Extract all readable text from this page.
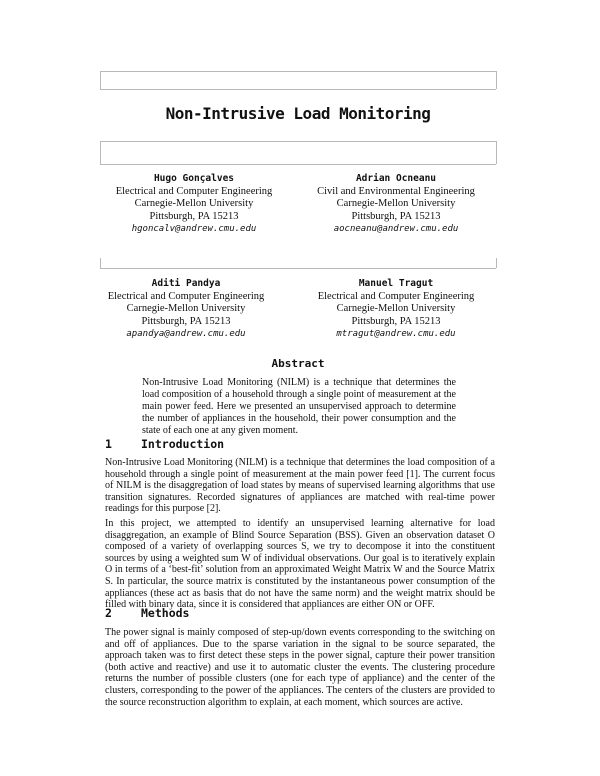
Non-Intrusive Load Monitoring
Hugo Gonçalves
Electrical and Computer Engineering
Carnegie-Mellon University
Pittsburgh, PA 15213
hgoncalv@andrew.cmu.edu
Adrian Ocneanu
Civil and Environmental Engineering
Carnegie-Mellon University
Pittsburgh, PA 15213
aocneanu@andrew.cmu.edu
Aditi Pandya
Electrical and Computer Engineering
Carnegie-Mellon University
Pittsburgh, PA 15213
apandya@andrew.cmu.edu
Manuel Tragut
Electrical and Computer Engineering
Carnegie-Mellon University
Pittsburgh, PA 15213
mtragut@andrew.cmu.edu
Abstract
Non-Intrusive Load Monitoring (NILM) is a technique that determines the load composition of a household through a single point of measurement at the main power feed. Here we presented an unsupervised approach to determine the number of appliances in the household, their power consumption and the state of each one at any given moment.
1	Introduction

Non-Intrusive Load Monitoring (NILM) is a technique that determines the load composition of a household through a single point of measurement at the main power feed [1]. The current focus of NILM is the disaggregation of load states by means of supervised learning algorithms that use transition signatures. Recorded signatures of appliances are matched with real-time power readings for this purpose [2].

In this project, we attempted to identify an unsupervised learning alternative for load disaggregation, an example of Blind Source Separation (BSS). Given an observation dataset O composed of a variety of overlapping sources S, we try to decompose it into the constituent sources by using a weighted sum W of individual observations. Our goal is to iteratively explain O in terms of a ‘best-fit’ solution from an approximated Weight Matrix W and the Source Matrix S. In particular, the source matrix is constituted by the instantaneous power consumption of the appliances (these act as basis that do not have the same norm) and the weight matrix should be filled with binary data, since it is considered that appliances are either ON or OFF.

2	Methods

The power signal is mainly composed of step-up/down events corresponding to the switching on and off of appliances. Due to the sparse variation in the signal to be source separated, the approach taken was to first detect these steps in the power signal, capture their power transition (both active and reactive) and use it to automatic cluster the events. The clustering procedure returns the number of possible clusters (one for each type of appliance) and the center of the clusters, corresponding to the power of the appliances. The centers of the clusters are provided to the source reconstruction algorithm to explain, at each moment, which sources are active.
